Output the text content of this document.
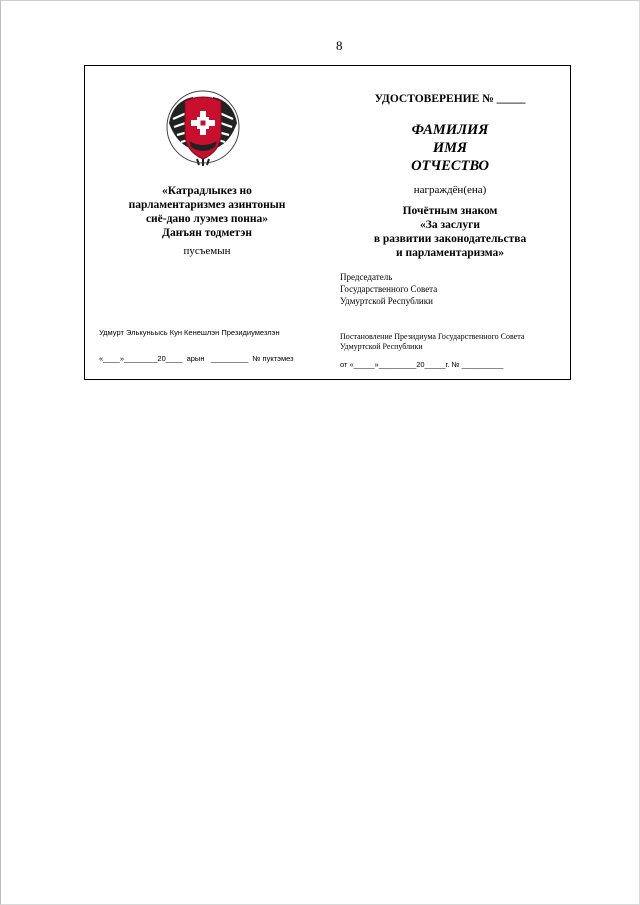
8
«Катрадлыкез но
парламентаризмез азинтонын
сиё-дано луэмез понна»
Данъян тодметэн
пусъемын
Удмурт Элькуньысь Кун Кенешлэн Президиумезлэн
«____»________20____  арын   _________  № пуктэмез
УДОСТОВЕРЕНИЕ № _____
ФАМИЛИЯ
ИМЯ
ОТЧЕСТВО
награждён(ена)
Почётным знаком
«За заслуги
в развитии законодательства
и парламентаризма»
Председатель
Государственного Совета
Удмуртской Республики
Постановление Президиума Государственного Совета
Удмуртской Республики
от «_____»_________20_____г. № __________
